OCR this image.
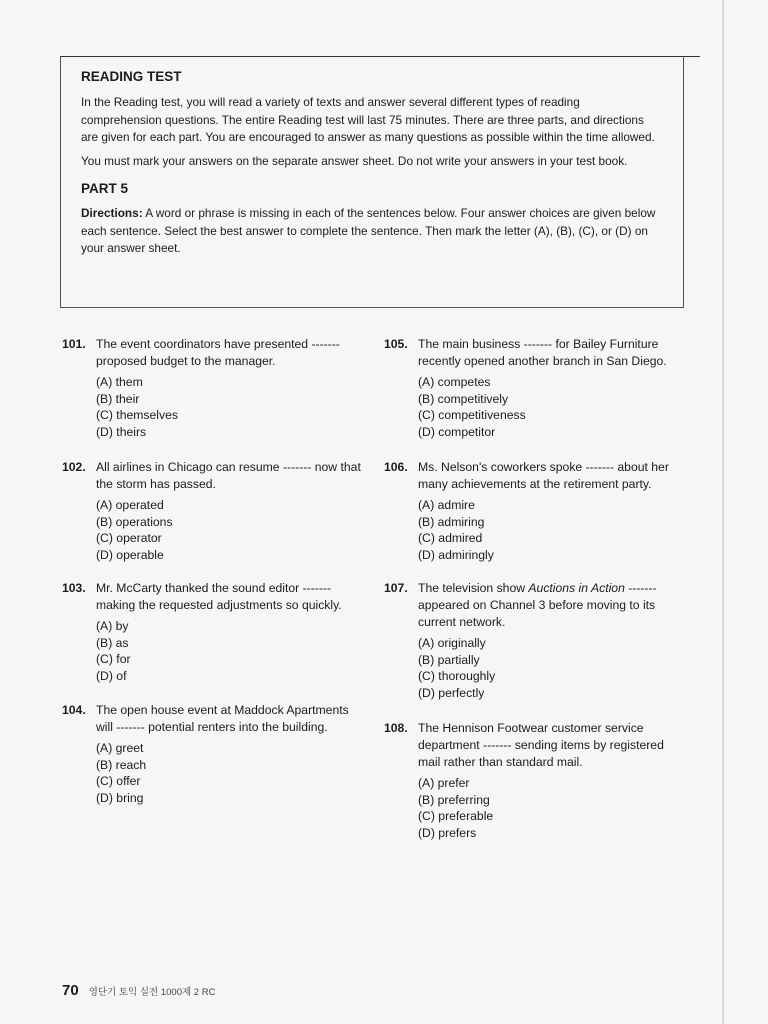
READING TEST

In the Reading test, you will read a variety of texts and answer several different types of reading comprehension questions. The entire Reading test will last 75 minutes. There are three parts, and directions are given for each part. You are encouraged to answer as many questions as possible within the time allowed.

You must mark your answers on the separate answer sheet. Do not write your answers in your test book.

PART 5

Directions: A word or phrase is missing in each of the sentences below. Four answer choices are given below each sentence. Select the best answer to complete the sentence. Then mark the letter (A), (B), (C), or (D) on your answer sheet.

101. The event coordinators have presented ------- proposed budget to the manager.
(A) them
(B) their
(C) themselves
(D) theirs
102. All airlines in Chicago can resume ------- now that the storm has passed.
(A) operated
(B) operations
(C) operator
(D) operable
103. Mr. McCarty thanked the sound editor ------- making the requested adjustments so quickly.
(A) by
(B) as
(C) for
(D) of
104. The open house event at Maddock Apartments will ------- potential renters into the building.
(A) greet
(B) reach
(C) offer
(D) bring
105. The main business ------- for Bailey Furniture recently opened another branch in San Diego.
(A) competes
(B) competitively
(C) competitiveness
(D) competitor
106. Ms. Nelson's coworkers spoke ------- about her many achievements at the retirement party.
(A) admire
(B) admiring
(C) admired
(D) admiringly
107. The television show Auctions in Action ------- appeared on Channel 3 before moving to its current network.
(A) originally
(B) partially
(C) thoroughly
(D) perfectly
108. The Hennison Footwear customer service department ------- sending items by registered mail rather than standard mail.
(A) prefer
(B) preferring
(C) preferable
(D) prefers
70 영단기 토익 실전 1000제 2 RC
